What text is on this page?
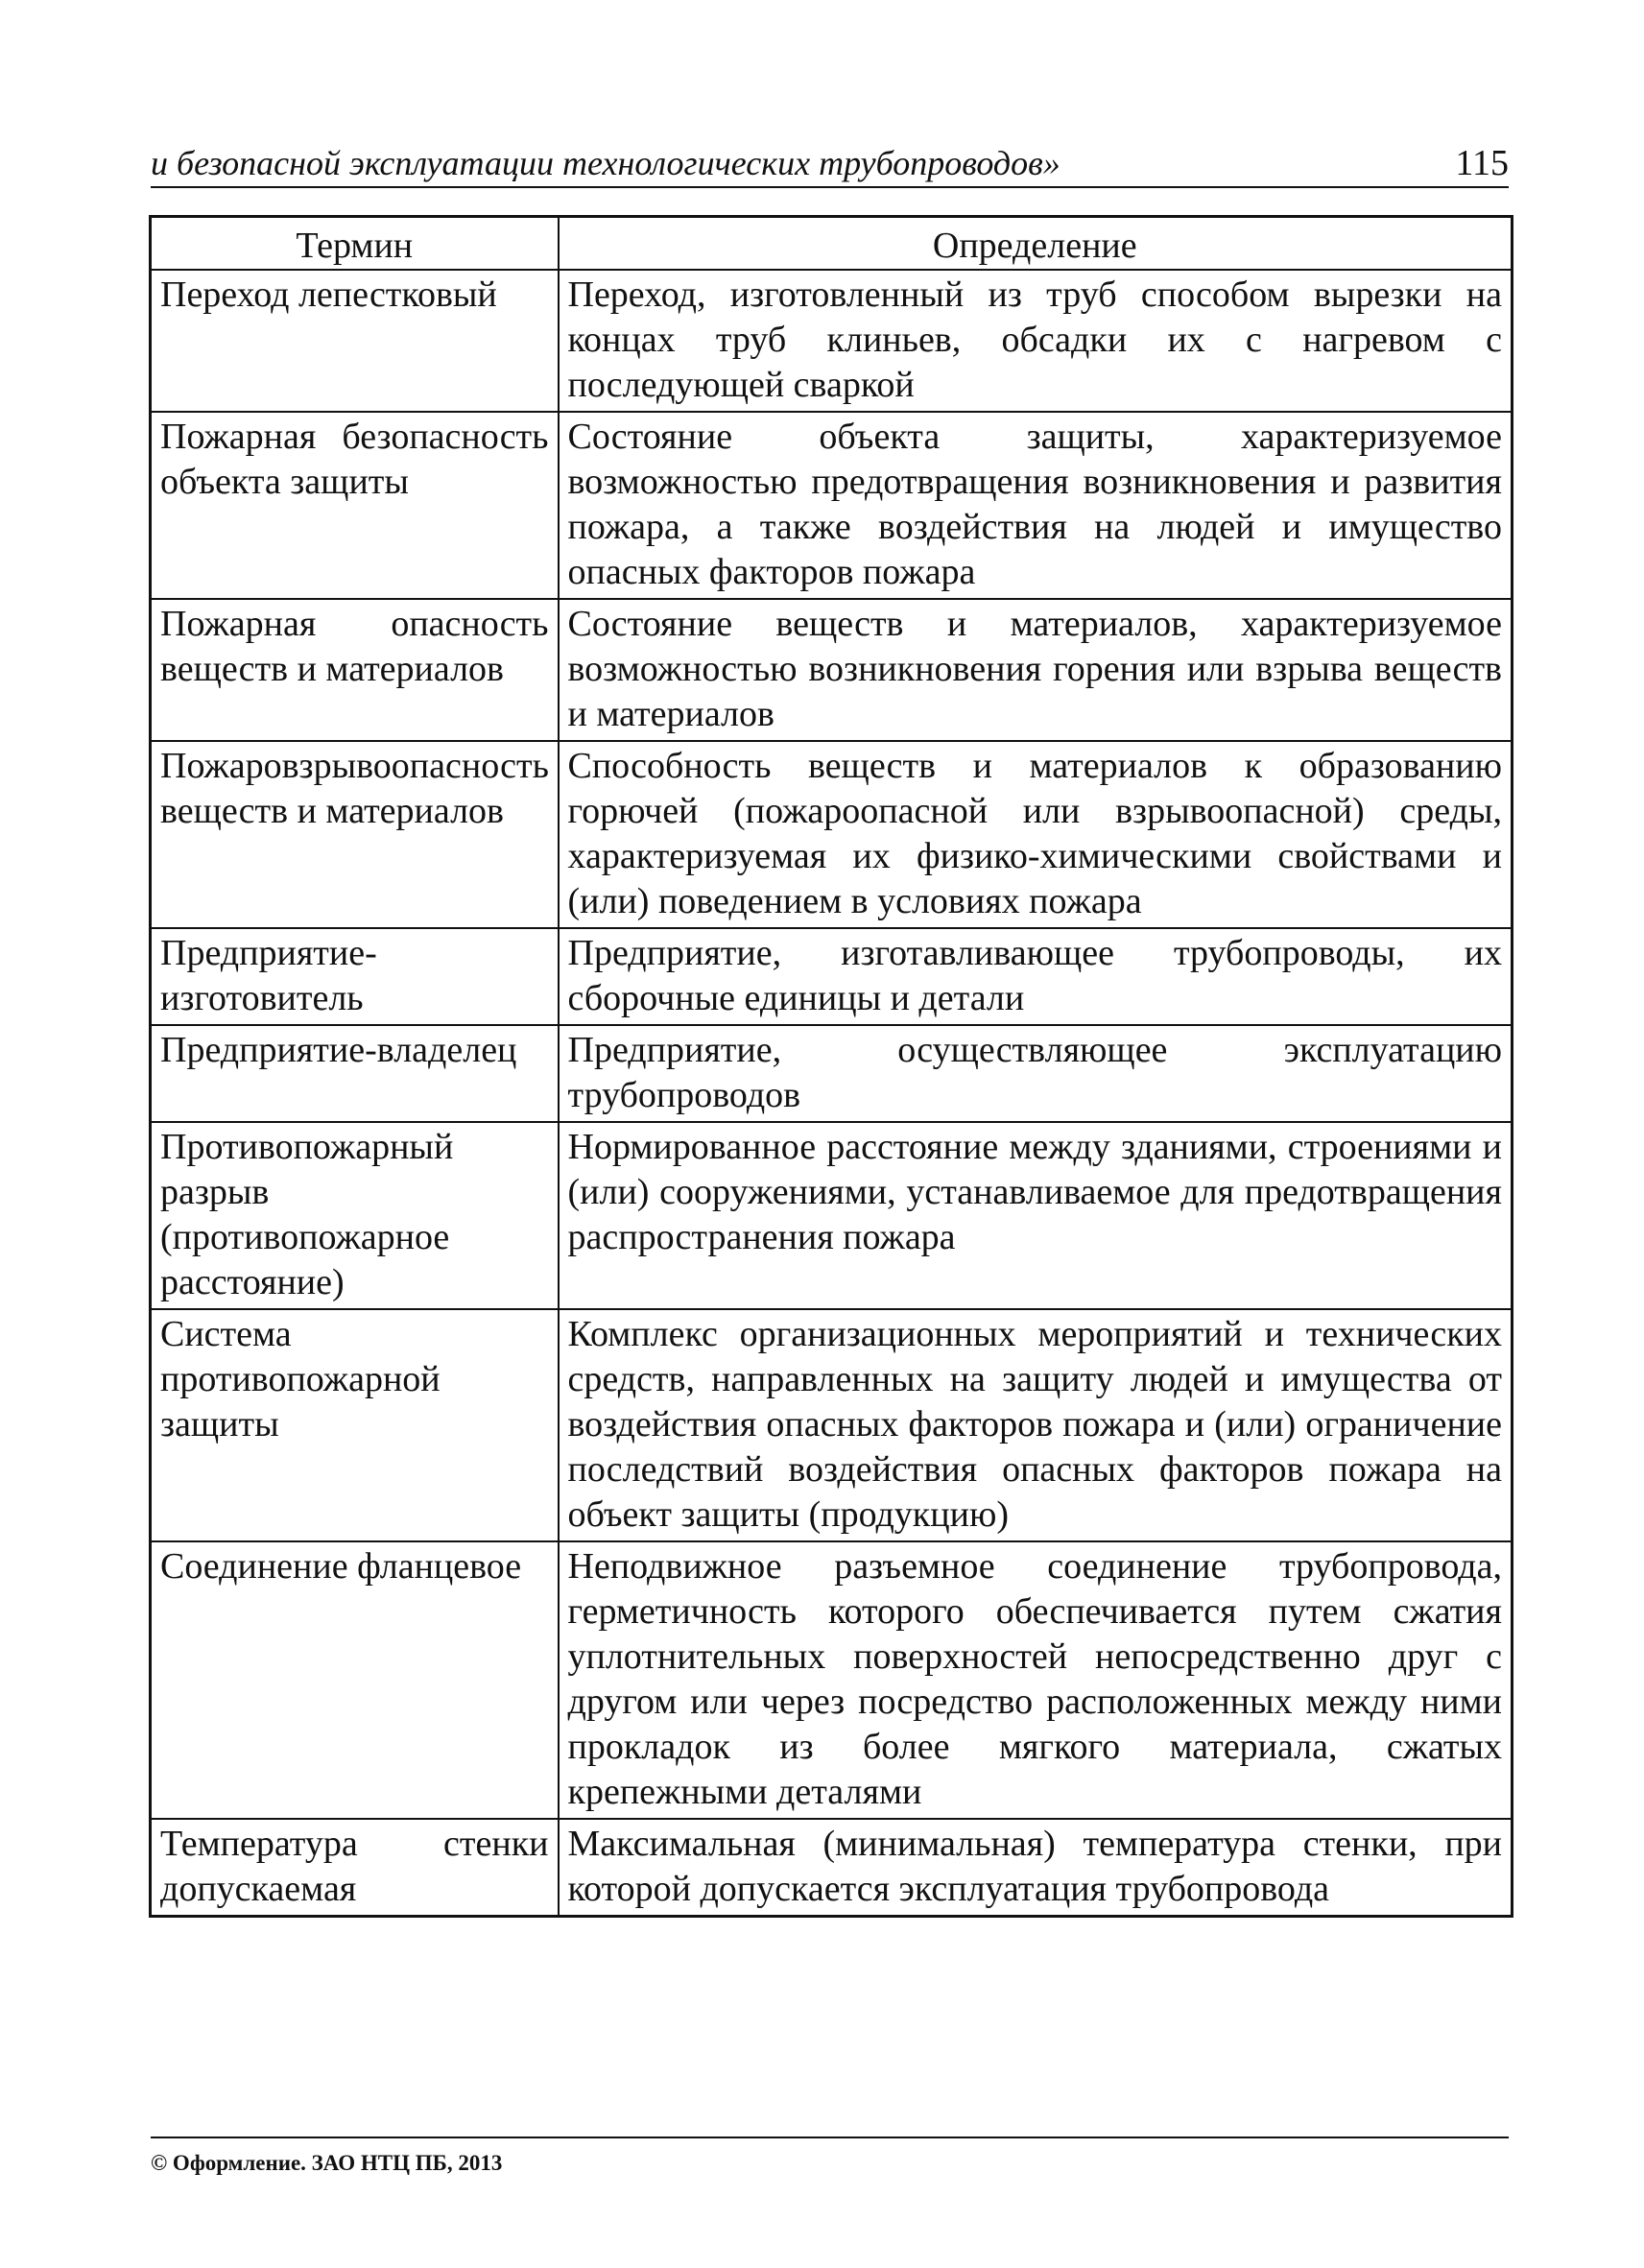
и безопасной эксплуатации технологических трубопроводов»	115
Термин	Определение
Переход лепестковый	Переход, изготовленный из труб способом вырезки на концах труб клиньев, обсадки их с нагревом с последующей сваркой
Пожарная безопасность объекта защиты	Состояние объекта защиты, характеризуемое возможностью предотвращения возникновения и развития пожара, а также воздействия на людей и имущество опасных факторов пожара
Пожарная опасность веществ и материалов	Состояние веществ и материалов, характеризуемое возможностью возникновения горения или взрыва веществ и материалов
Пожаровзрывоопасность веществ и материалов	Способность веществ и материалов к образованию горючей (пожароопасной или взрывоопасной) среды, характеризуемая их физико-химическими свойствами и (или) поведением в условиях пожара
Предприятие-изготовитель	Предприятие, изготавливающее трубопроводы, их сборочные единицы и детали
Предприятие-владелец	Предприятие, осуществляющее эксплуатацию трубопроводов
Противопожарный разрыв (противопожарное расстояние)	Нормированное расстояние между зданиями, строениями и (или) сооружениями, устанавливаемое для предотвращения распространения пожара
Система противопожарной защиты	Комплекс организационных мероприятий и технических средств, направленных на защиту людей и имущества от воздействия опасных факторов пожара и (или) ограничение последствий воздействия опасных факторов пожара на объект защиты (продукцию)
Соединение фланцевое	Неподвижное разъемное соединение трубопровода, герметичность которого обеспечивается путем сжатия уплотнительных поверхностей непосредственно друг с другом или через посредство расположенных между ними прокладок из более мягкого материала, сжатых крепежными деталями
Температура стенки допускаемая	Максимальная (минимальная) температура стенки, при которой допускается эксплуатация трубопровода
© Оформление. ЗАО НТЦ ПБ, 2013
